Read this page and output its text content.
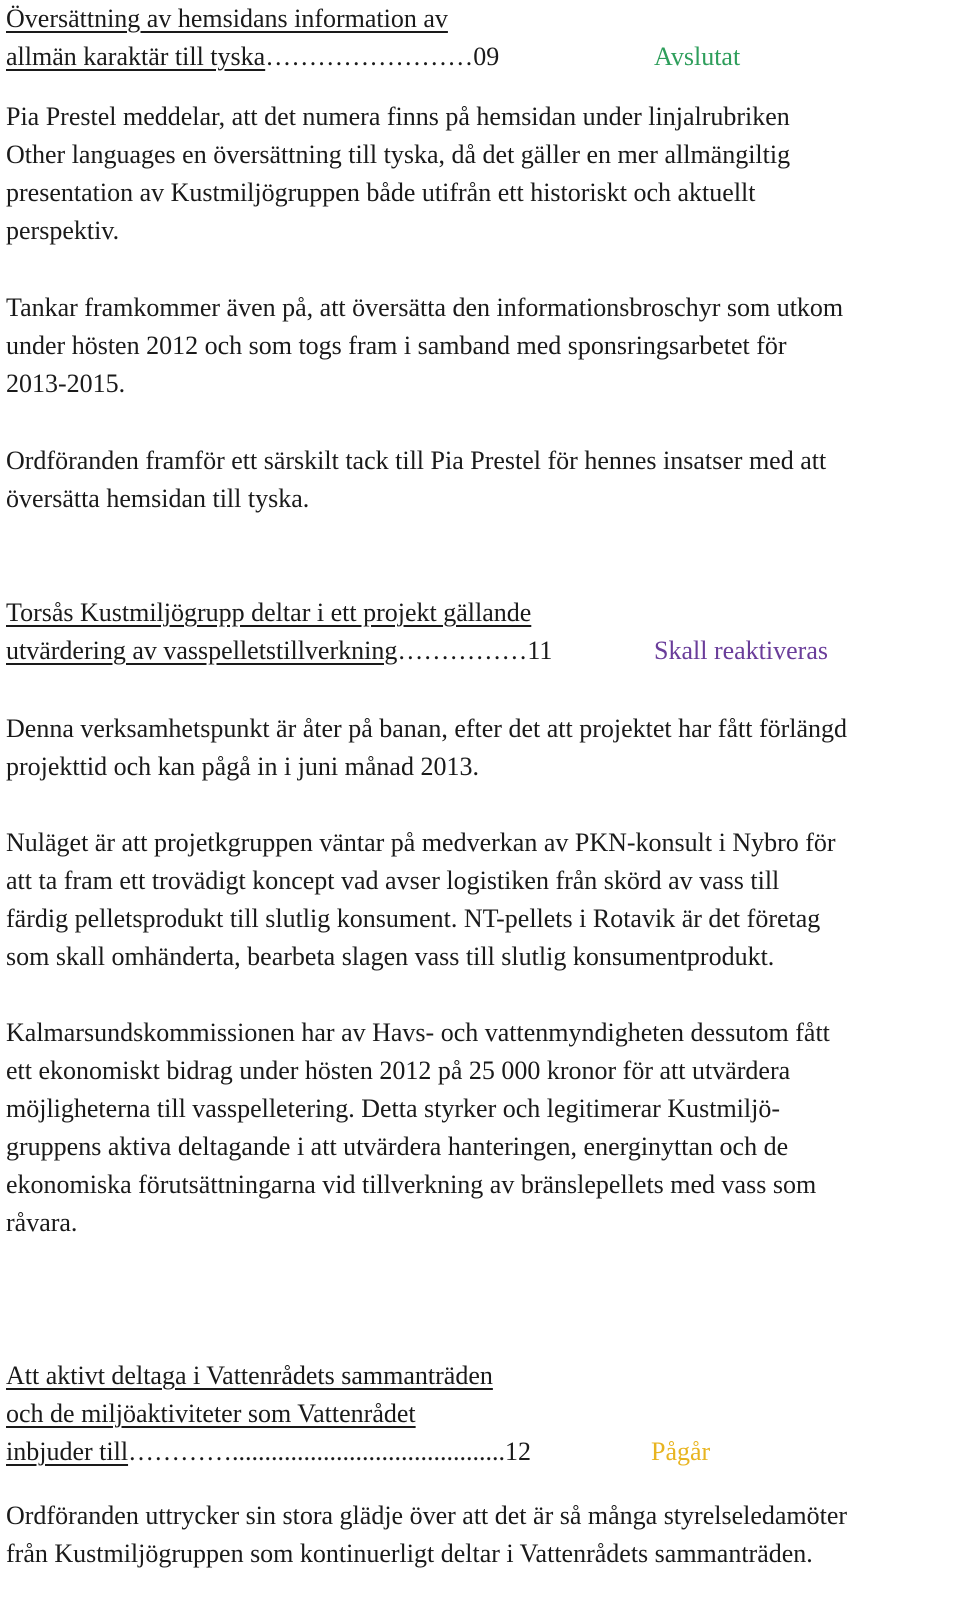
Översättning av hemsidans information av
allmän karaktär till tyska……………………09	Avslutat

Pia Prestel meddelar, att det numera finns på hemsidan under linjalrubriken
Other languages en översättning till tyska, då det gäller en mer allmängiltig
presentation av Kustmiljögruppen både utifrån ett historiskt och aktuellt
perspektiv.

Tankar framkommer även på, att översätta den informationsbroschyr som utkom
under hösten 2012 och som togs fram i samband med sponsringsarbetet för
2013-2015.

Ordföranden framför ett särskilt tack till Pia Prestel för hennes insatser med att
översätta hemsidan till tyska.

Torsås Kustmiljögrupp deltar i ett projekt gällande
utvärdering av vasspelletstillverkning……………11	Skall reaktiveras

Denna verksamhetspunkt är åter på banan, efter det att projektet har fått förlängd
projekttid och kan pågå in i juni månad 2013.

Nuläget är att projetkgruppen väntar på medverkan av PKN-konsult i Nybro för
att ta fram ett trovädigt koncept vad avser logistiken från skörd av vass till
färdig pelletsprodukt till slutlig konsument. NT-pellets i Rotavik är det företag
som skall omhänderta, bearbeta slagen vass till slutlig konsumentprodukt.

Kalmarsundskommissionen har av Havs- och vattenmyndigheten dessutom fått
ett ekonomiskt bidrag under hösten 2012 på 25 000 kronor för att utvärdera
möjligheterna till vasspelletering. Detta styrker och legitimerar Kustmiljö-
gruppens aktiva deltagande i att utvärdera hanteringen, energinyttan och de
ekonomiska förutsättningarna vid tillverkning av bränslepellets med vass som
råvara.

Att aktivt deltaga i Vattenrådets sammanträden
och de miljöaktiviteter som Vattenrådet
inbjuder till…………..........................................12	Pågår

Ordföranden uttrycker sin stora glädje över att det är så många styrelseledamöter
från Kustmiljögruppen som kontinuerligt deltar i Vattenrådets sammanträden.
